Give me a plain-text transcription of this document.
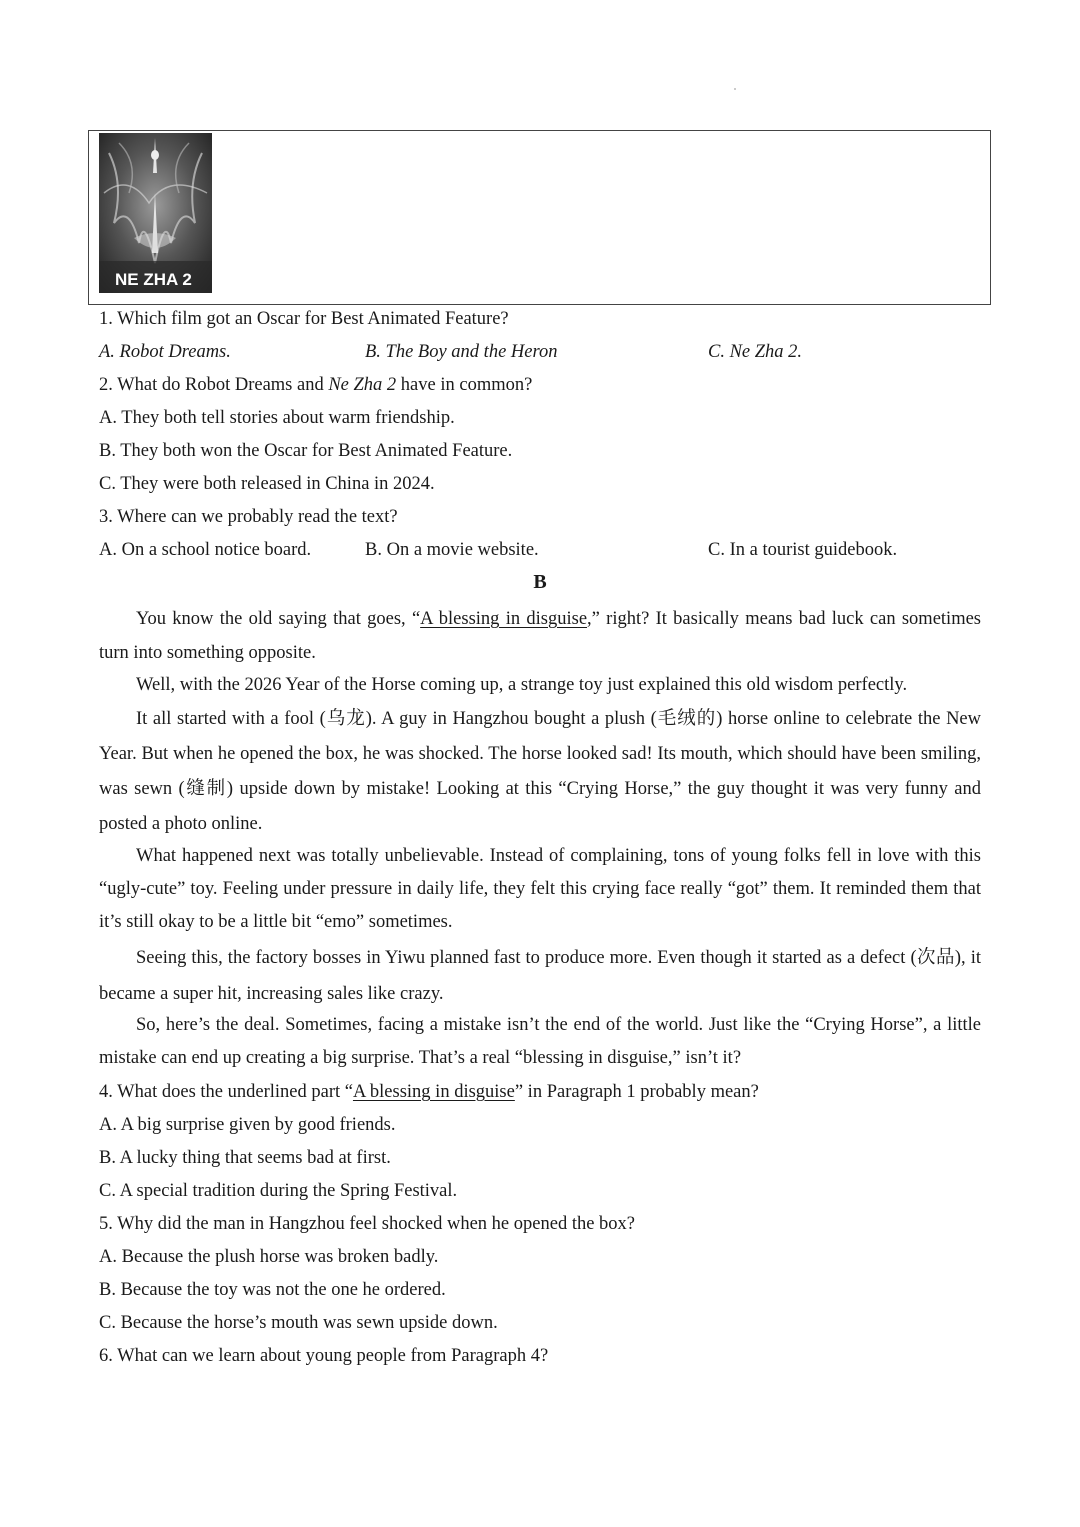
NE ZHA 2
1. Which film got an Oscar for Best Animated Feature?
A. Robot Dreams.	B. The Boy and the Heron	C. Ne Zha 2.
2. What do Robot Dreams and Ne Zha 2 have in common?
A. They both tell stories about warm friendship.
B. They both won the Oscar for Best Animated Feature.
C. They were both released in China in 2024.
3. Where can we probably read the text?
A. On a school notice board.	B. On a movie website.	C. In a tourist guidebook.
B
You know the old saying that goes, “A blessing in disguise,” right? It basically means bad luck can sometimes turn into something opposite.
Well, with the 2026 Year of the Horse coming up, a strange toy just explained this old wisdom perfectly.
It all started with a fool (乌龙). A guy in Hangzhou bought a plush (毛绒的) horse online to celebrate the New Year. But when he opened the box, he was shocked. The horse looked sad! Its mouth, which should have been smiling, was sewn (缝制) upside down by mistake! Looking at this “Crying Horse,” the guy thought it was very funny and posted a photo online.
What happened next was totally unbelievable. Instead of complaining, tons of young folks fell in love with this “ugly-cute” toy. Feeling under pressure in daily life, they felt this crying face really “got” them. It reminded them that it’s still okay to be a little bit “emo” sometimes.
Seeing this, the factory bosses in Yiwu planned fast to produce more. Even though it started as a defect (次品), it became a super hit, increasing sales like crazy.
So, here’s the deal. Sometimes, facing a mistake isn’t the end of the world. Just like the “Crying Horse”, a little mistake can end up creating a big surprise. That’s a real “blessing in disguise,” isn’t it?
4. What does the underlined part “A blessing in disguise” in Paragraph 1 probably mean?
A. A big surprise given by good friends.
B. A lucky thing that seems bad at first.
C. A special tradition during the Spring Festival.
5. Why did the man in Hangzhou feel shocked when he opened the box?
A. Because the plush horse was broken badly.
B. Because the toy was not the one he ordered.
C. Because the horse’s mouth was sewn upside down.
6. What can we learn about young people from Paragraph 4?
